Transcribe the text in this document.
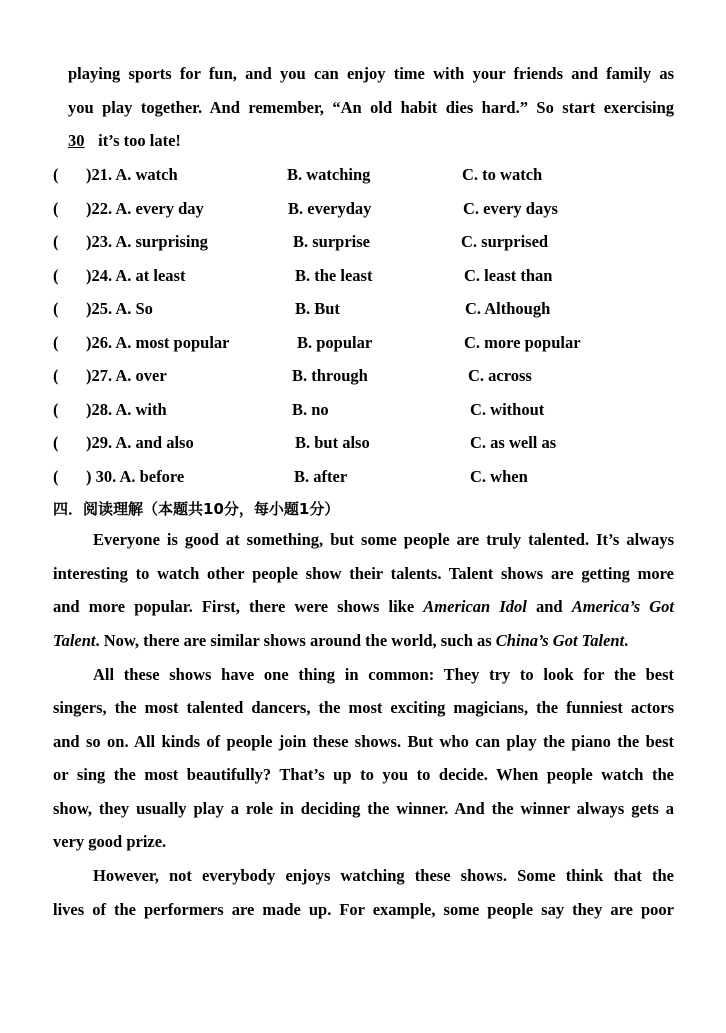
playing sports for fun, and you can enjoy time with your friends and family as
you play together. And remember, “An old habit dies hard.” So start exercising
30 it’s too late!
( )21. A. watch	B. watching	C. to watch
( )22. A. every day	B. everyday	C. every days
( )23. A. surprising	B. surprise	C. surprised
( )24. A. at least	B. the least	C. least than
( )25. A. So	B. But	C. Although
( )26. A. most popular	B. popular	C. more popular
( )27. A. over	B. through	C. across
( )28. A. with	B. no	C. without
( )29. A. and also	B. but also	C. as well as
( ) 30. A. before	B. after	C. when
四．阅读理解（本题共10分，每小题1分）
Everyone is good at something, but some people are truly talented. It’s always
interesting to watch other people show their talents. Talent shows are getting more
and more popular. First, there were shows like American Idol and America’s Got
Talent. Now, there are similar shows around the world, such as China’s Got Talent.
All these shows have one thing in common: They try to look for the best
singers, the most talented dancers, the most exciting magicians, the funniest actors
and so on. All kinds of people join these shows. But who can play the piano the best
or sing the most beautifully? That’s up to you to decide. When people watch the
show, they usually play a role in deciding the winner. And the winner always gets a
very good prize.
However, not everybody enjoys watching these shows. Some think that the
lives of the performers are made up. For example, some people say they are poor
